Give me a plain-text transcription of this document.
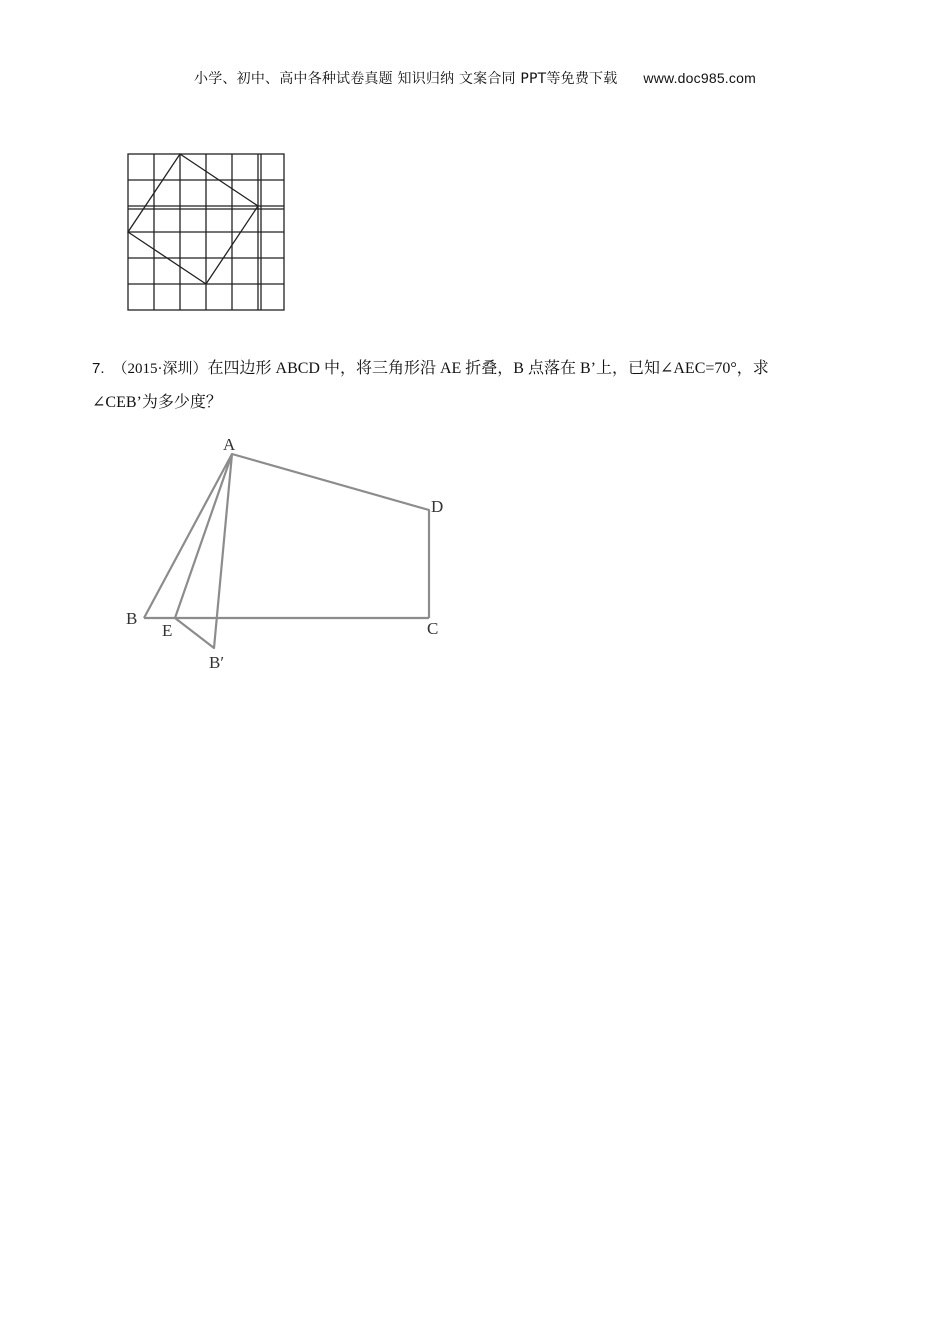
小学、初中、高中各种试卷真题 知识归纳 文案合同 PPT等免费下载 www.doc985.com
7. （2015·深圳）在四边形 ABCD 中，将三角形沿 AE 折叠，B 点落在 B’上，已知∠AEC=70°，求
∠CEB’为多少度？
A
D
B
E	C
B′
